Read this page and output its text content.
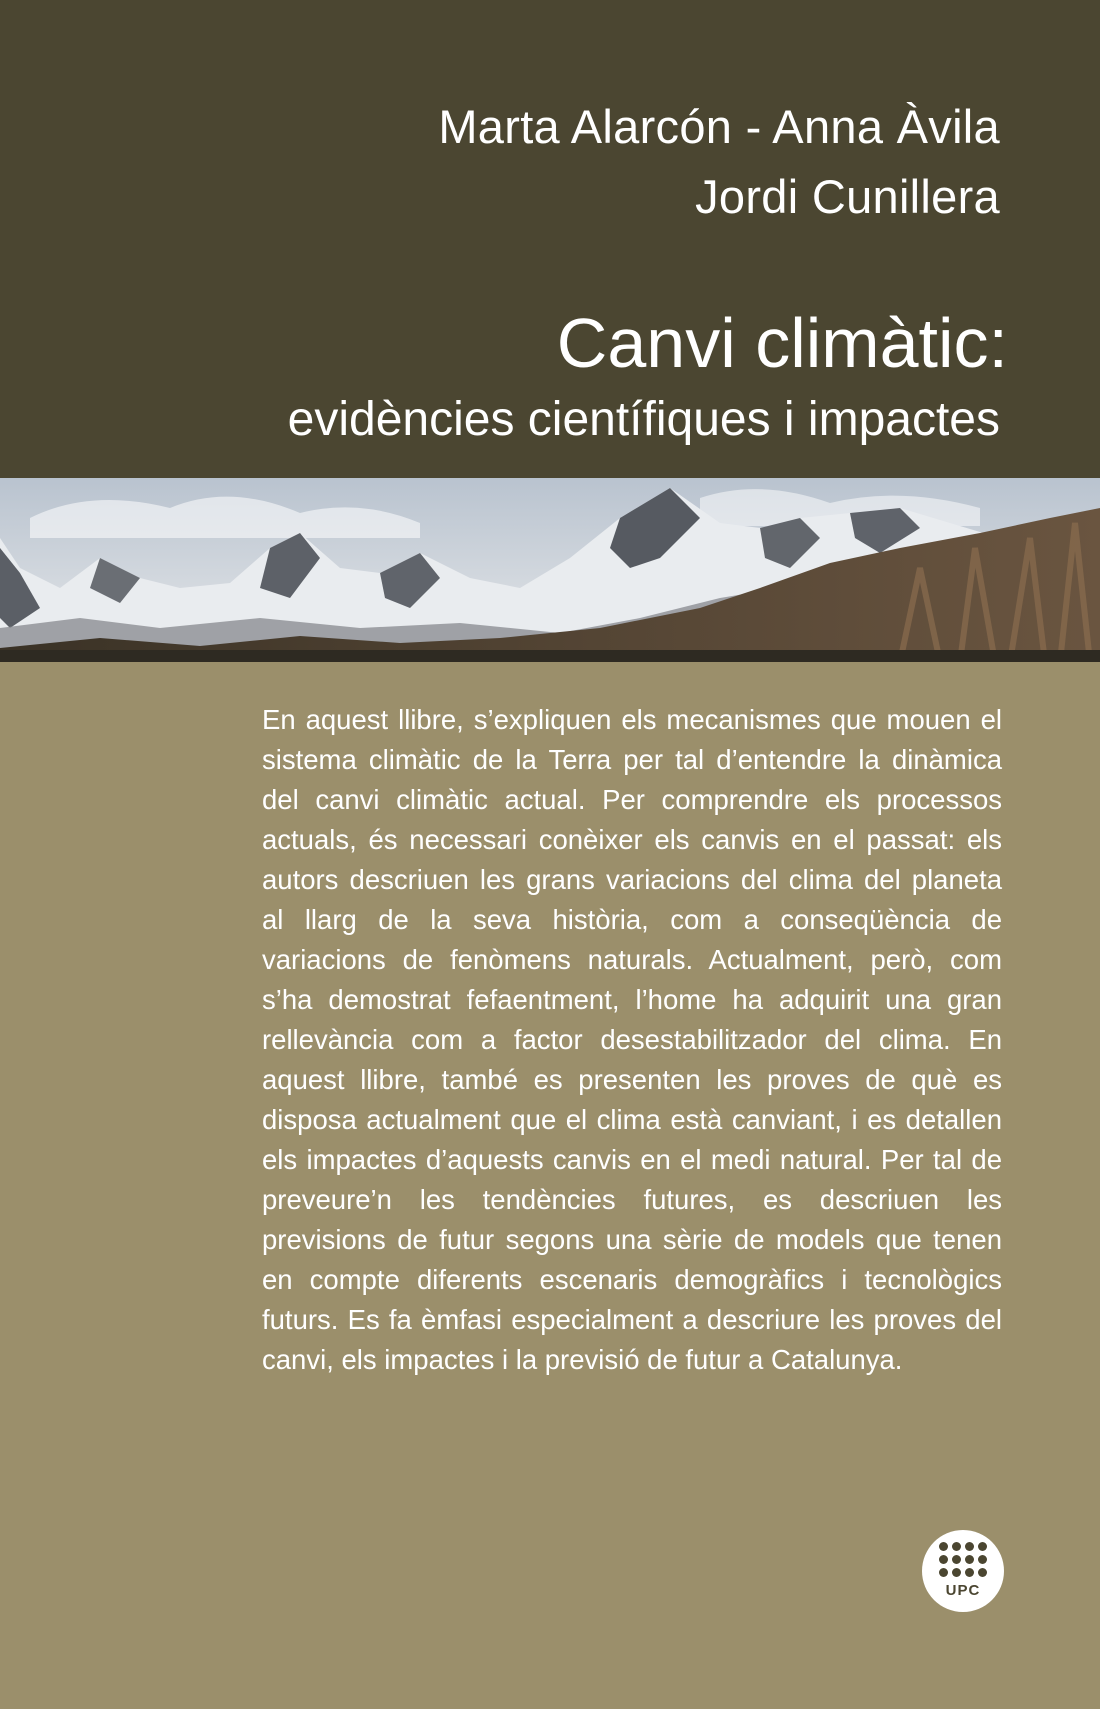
Marta Alarcón - Anna Àvila
Jordi Cunillera
Canvi climàtic:
evidències científiques i impactes

En aquest llibre, s’expliquen els mecanismes que mouen el sistema climàtic de la Terra per tal d’entendre la dinàmica del canvi climàtic actual. Per comprendre els processos actuals, és necessari conèixer els canvis en el passat: els autors descriuen les grans variacions del clima del planeta al llarg de la seva història, com a conseqüència de variacions de fenòmens naturals. Actualment, però, com s’ha demostrat fefaentment, l’home ha adquirit una gran rellevància com a factor desestabilitzador del clima. En aquest llibre, també es presenten les proves de què es disposa actualment que el clima està canviant, i es detallen els impactes d’aquests canvis en el medi natural. Per tal de preveure’n les tendències futures, es descriuen les previsions de futur segons una sèrie de models que tenen en compte diferents escenaris demogràfics i tecnològics futurs. Es fa èmfasi especialment a descriure les proves del canvi, els impactes i la previsió de futur a Catalunya.

UPC
